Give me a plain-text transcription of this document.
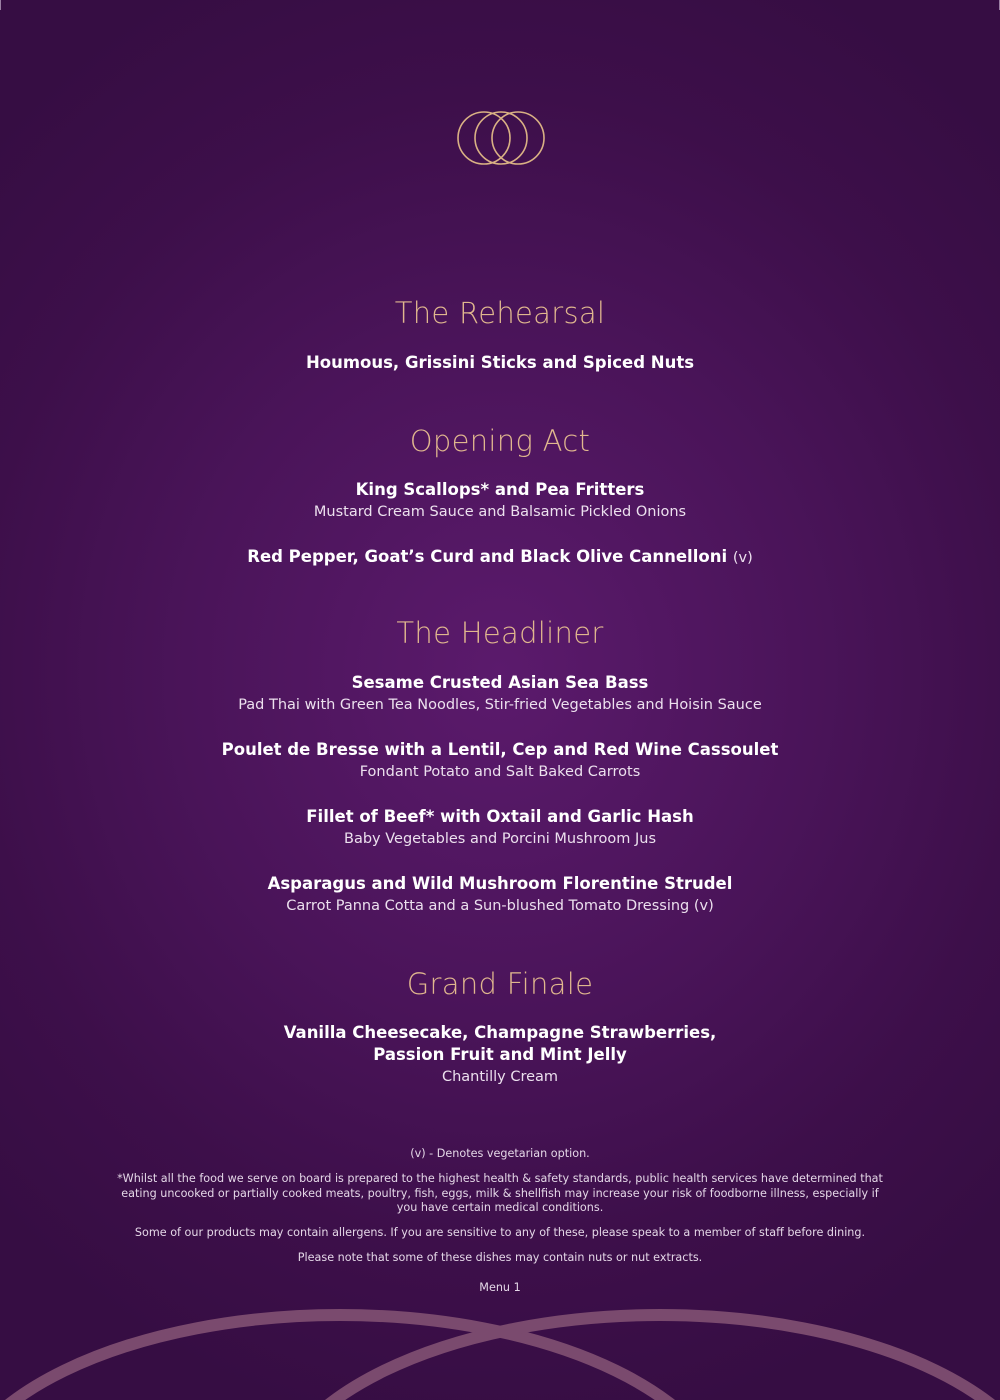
The Rehearsal
Houmous, Grissini Sticks and Spiced Nuts
Opening Act
King Scallops* and Pea Fritters
Mustard Cream Sauce and Balsamic Pickled Onions
Red Pepper, Goat’s Curd and Black Olive Cannelloni (v)
The Headliner
Sesame Crusted Asian Sea Bass
Pad Thai with Green Tea Noodles, Stir-fried Vegetables and Hoisin Sauce
Poulet de Bresse with a Lentil, Cep and Red Wine Cassoulet
Fondant Potato and Salt Baked Carrots
Fillet of Beef* with Oxtail and Garlic Hash
Baby Vegetables and Porcini Mushroom Jus
Asparagus and Wild Mushroom Florentine Strudel
Carrot Panna Cotta and a Sun-blushed Tomato Dressing (v)
Grand Finale
Vanilla Cheesecake, Champagne Strawberries,
Passion Fruit and Mint Jelly
Chantilly Cream
(v) - Denotes vegetarian option.
*Whilst all the food we serve on board is prepared to the highest health & safety standards, public health services have determined that eating uncooked or partially cooked meats, poultry, fish, eggs, milk & shellfish may increase your risk of foodborne illness, especially if you have certain medical conditions.
Some of our products may contain allergens. If you are sensitive to any of these, please speak to a member of staff before dining.
Please note that some of these dishes may contain nuts or nut extracts.
Menu 1
